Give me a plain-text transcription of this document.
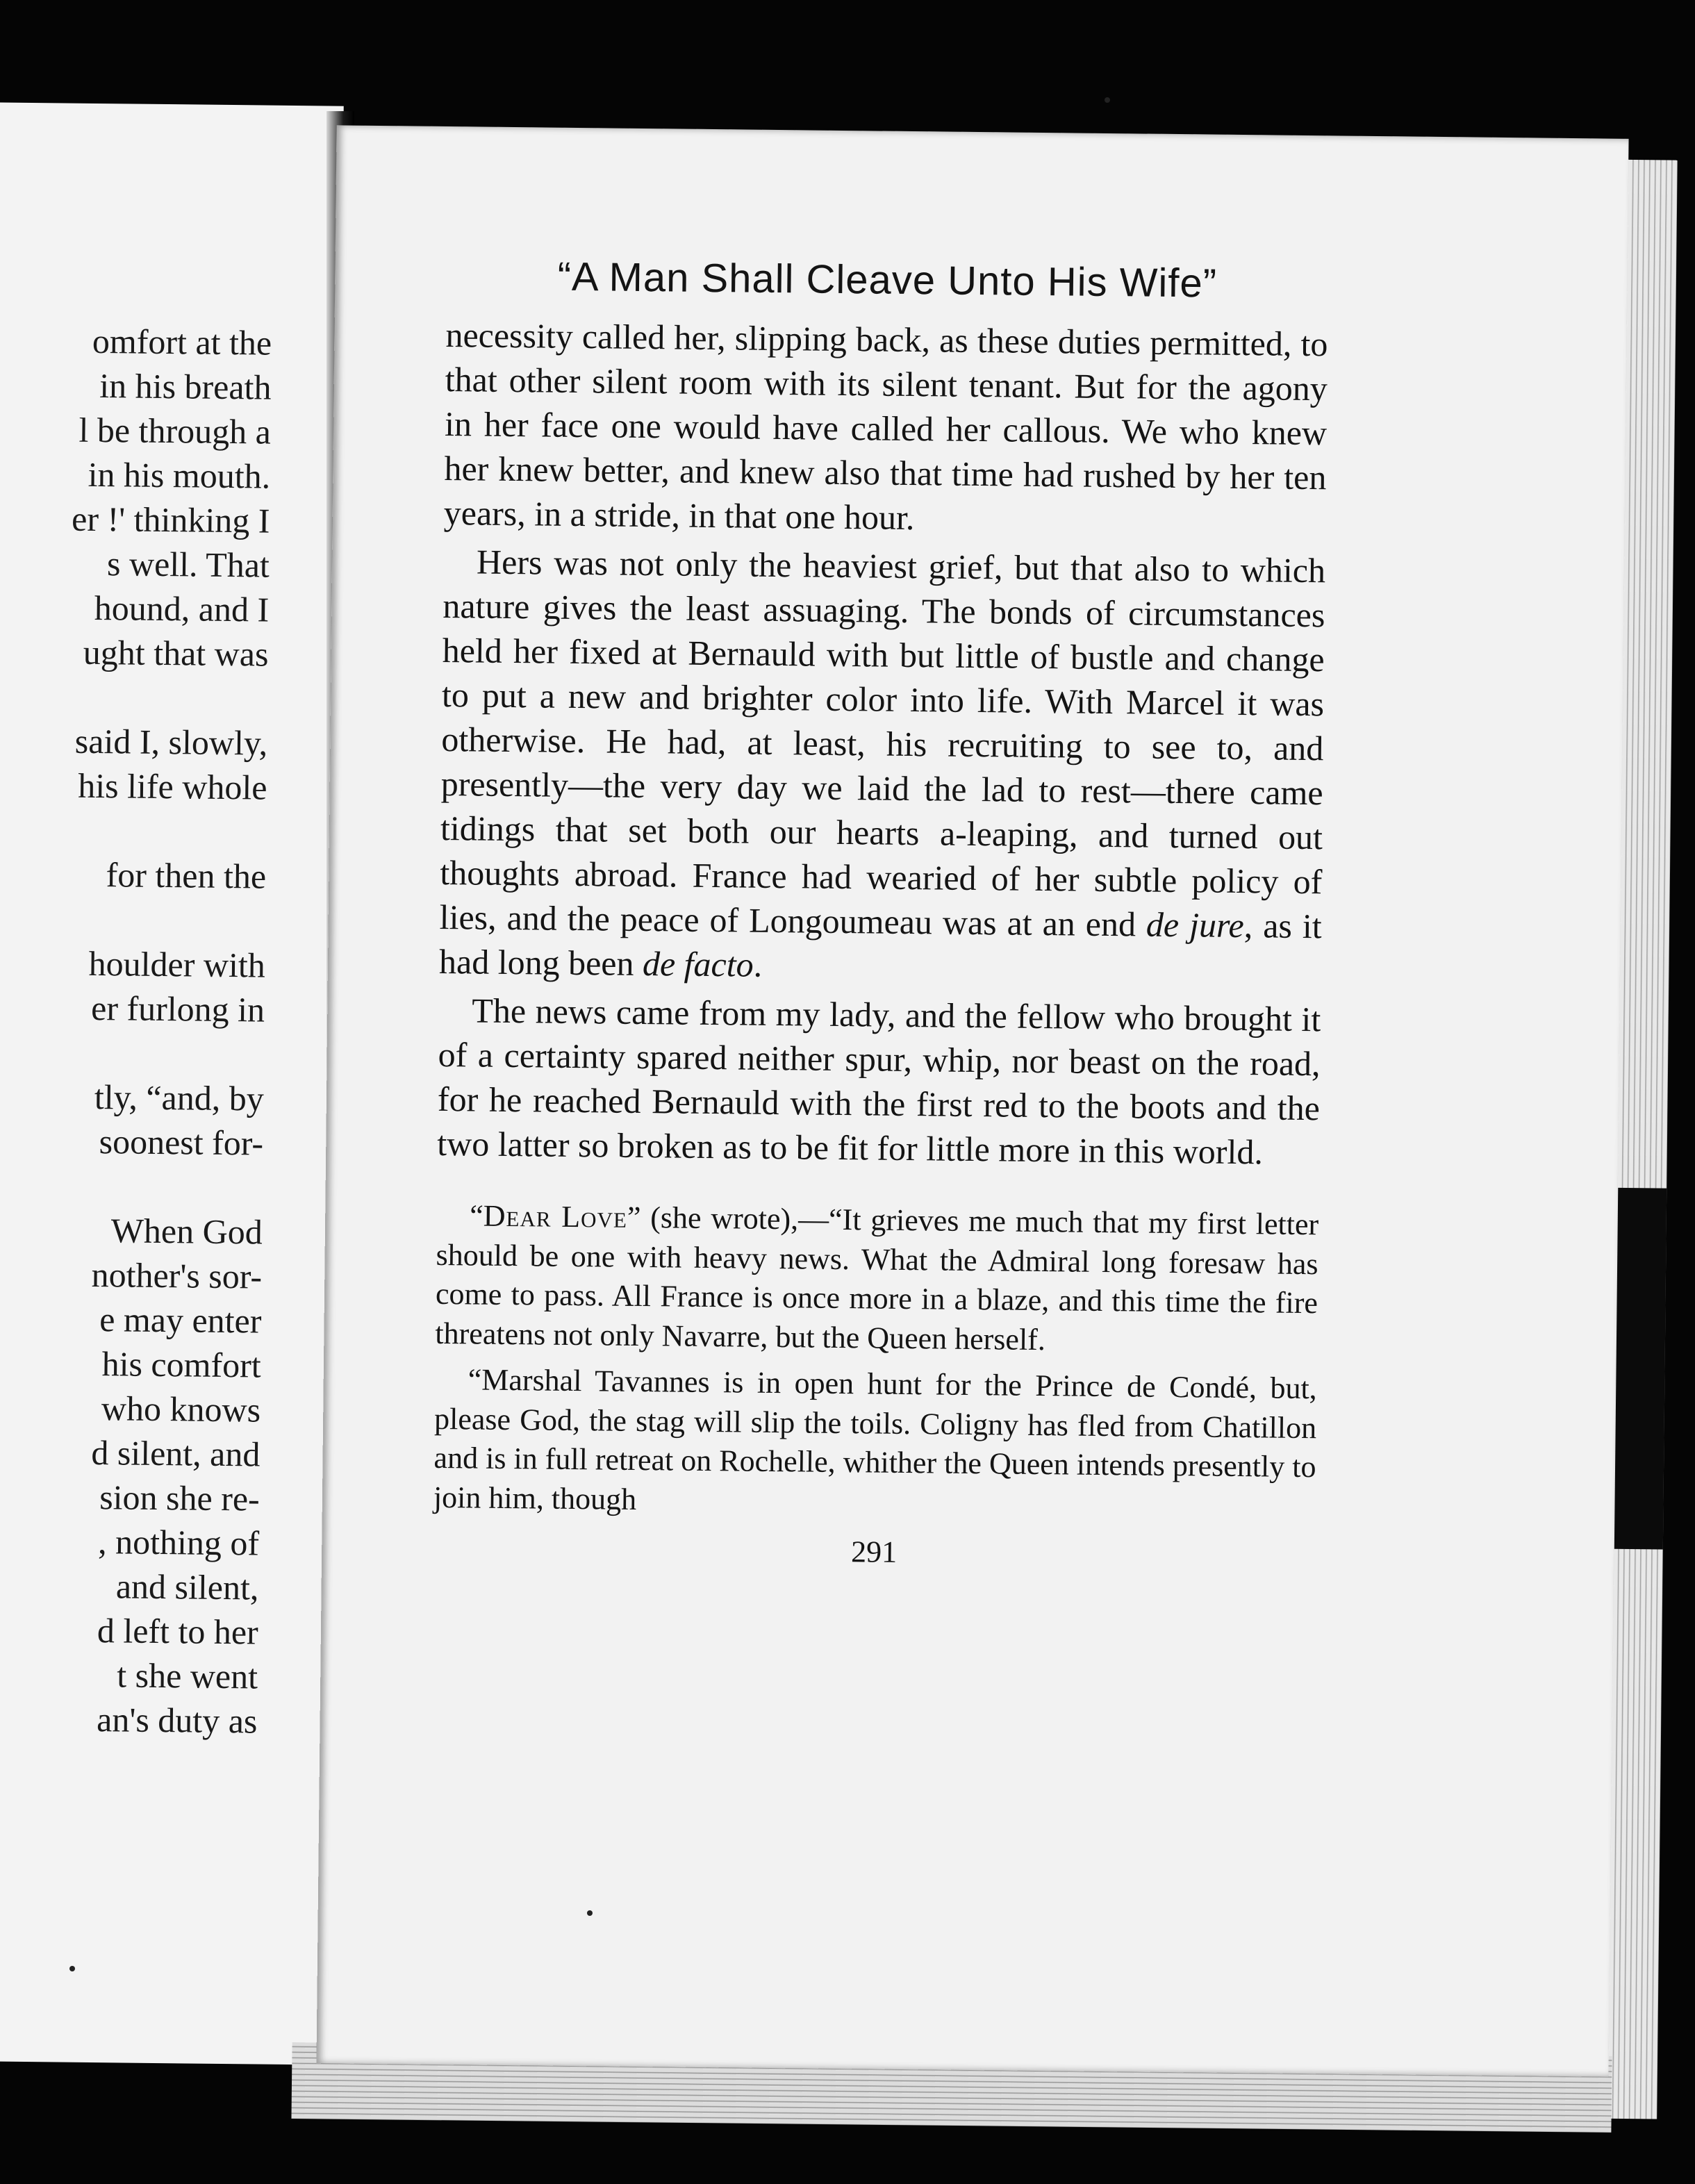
omfort at the
in his breath
l be through a
in his mouth.
er !' thinking I
s well. That
hound, and I
ught that was
said I, slowly,
his life whole
for then the
houlder with
er furlong in
tly, “and, by
soonest for-
When God
nother's sor-
e may enter
his comfort
who knows
d silent, and
sion she re-
, nothing of
and silent,
d left to her
t she went
an's duty as
“A Man Shall Cleave Unto His Wife”

necessity called her, slipping back, as these duties permitted, to that other silent room with its silent tenant. But for the agony in her face one would have called her callous. We who knew her knew better, and knew also that time had rushed by her ten years, in a stride, in that one hour.

Hers was not only the heaviest grief, but that also to which nature gives the least assuaging. The bonds of circumstances held her fixed at Bernauld with but little of bustle and change to put a new and brighter color into life. With Marcel it was otherwise. He had, at least, his recruiting to see to, and presently—the very day we laid the lad to rest—there came tidings that set both our hearts a-leaping, and turned out thoughts abroad. France had wearied of her subtle policy of lies, and the peace of Longoumeau was at an end de jure, as it had long been de facto.

The news came from my lady, and the fellow who brought it of a certainty spared neither spur, whip, nor beast on the road, for he reached Bernauld with the first red to the boots and the two latter so broken as to be fit for little more in this world.

“Dear Love” (she wrote),—“It grieves me much that my first letter should be one with heavy news. What the Admiral long foresaw has come to pass. All France is once more in a blaze, and this time the fire threatens not only Navarre, but the Queen herself.

“Marshal Tavannes is in open hunt for the Prince de Condé, but, please God, the stag will slip the toils. Coligny has fled from Chatillon and is in full retreat on Rochelle, whither the Queen intends presently to join him, though

291
